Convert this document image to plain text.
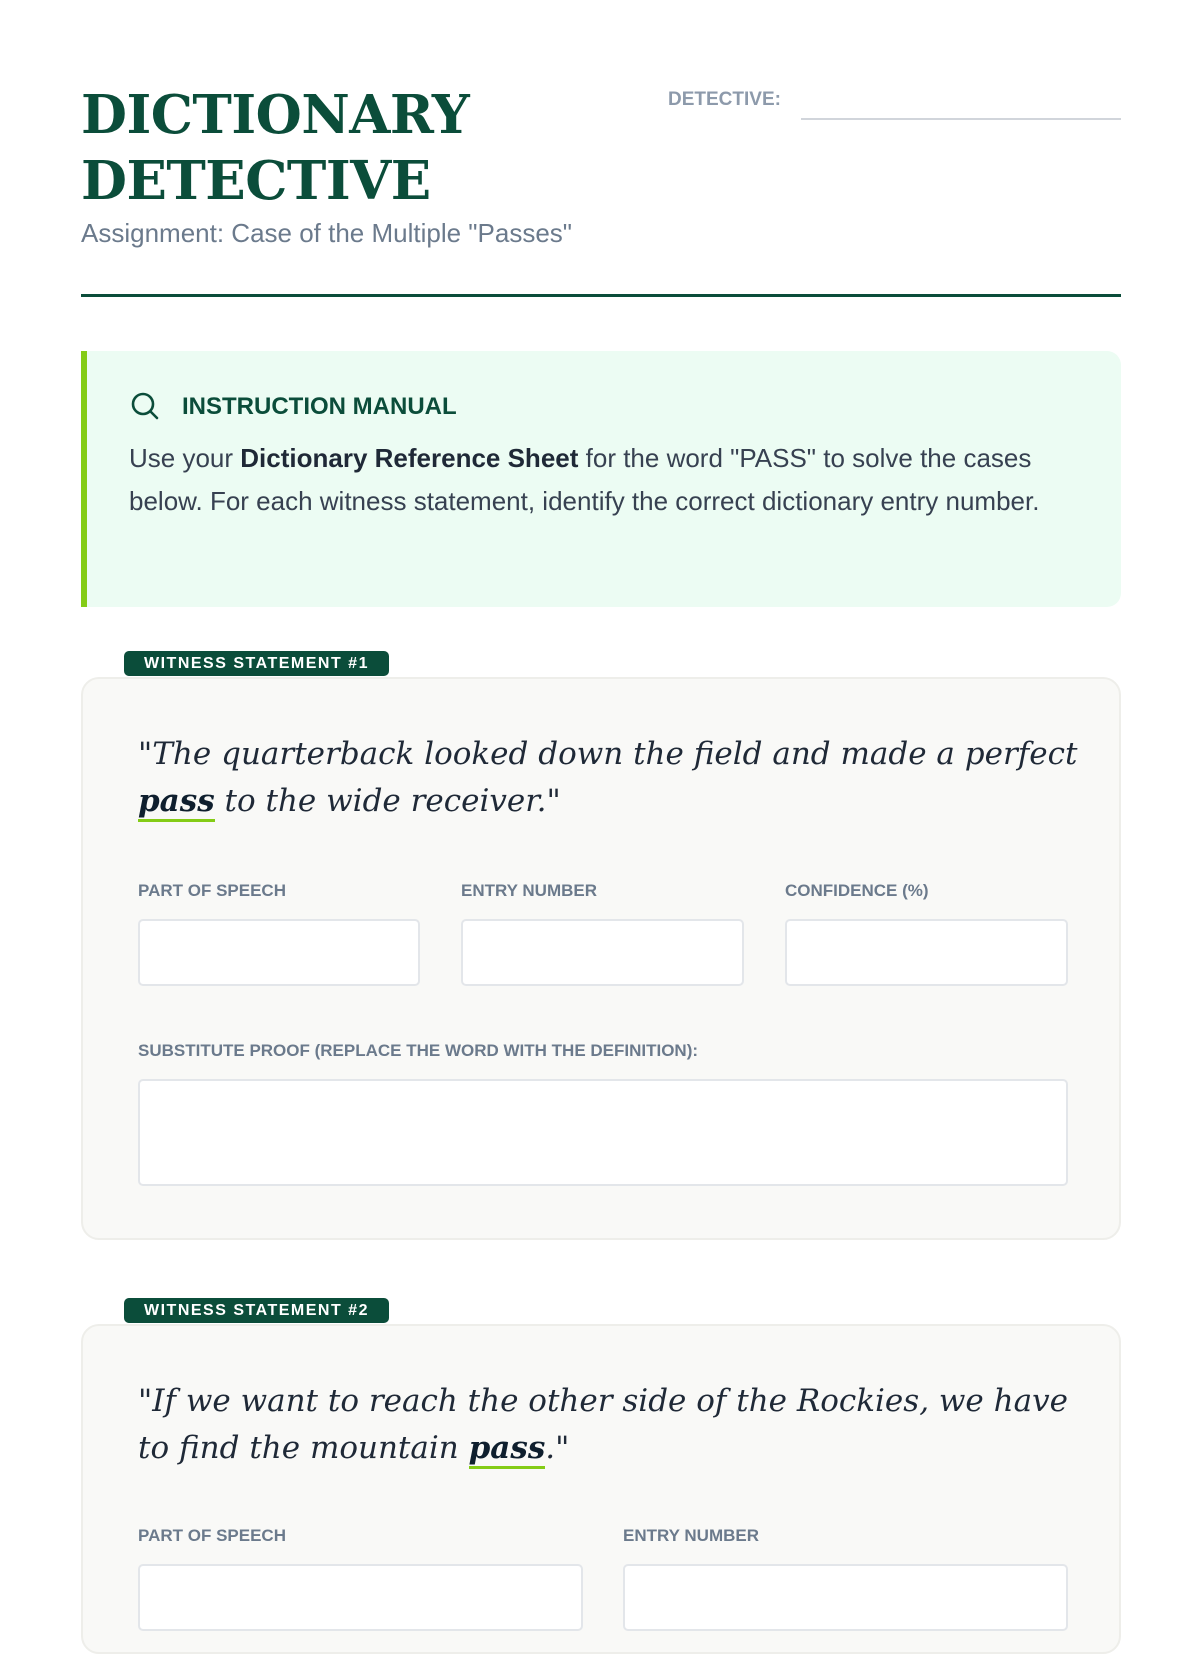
DICTIONARY
DETECTIVE
Assignment: Case of the Multiple "Passes"
DETECTIVE:
INSTRUCTION MANUAL

Use your Dictionary Reference Sheet for the word "PASS" to solve the cases below. For each witness statement, identify the correct dictionary entry number.

"The quarterback looked down the field and made a perfect pass to the wide receiver."

PART OF SPEECH	ENTRY NUMBER	CONFIDENCE (%)
SUBSTITUTE PROOF (REPLACE THE WORD WITH THE DEFINITION):
WITNESS STATEMENT #1

"If we want to reach the other side of the Rockies, we have to find the mountain pass."

PART OF SPEECH	ENTRY NUMBER
WITNESS STATEMENT #2
